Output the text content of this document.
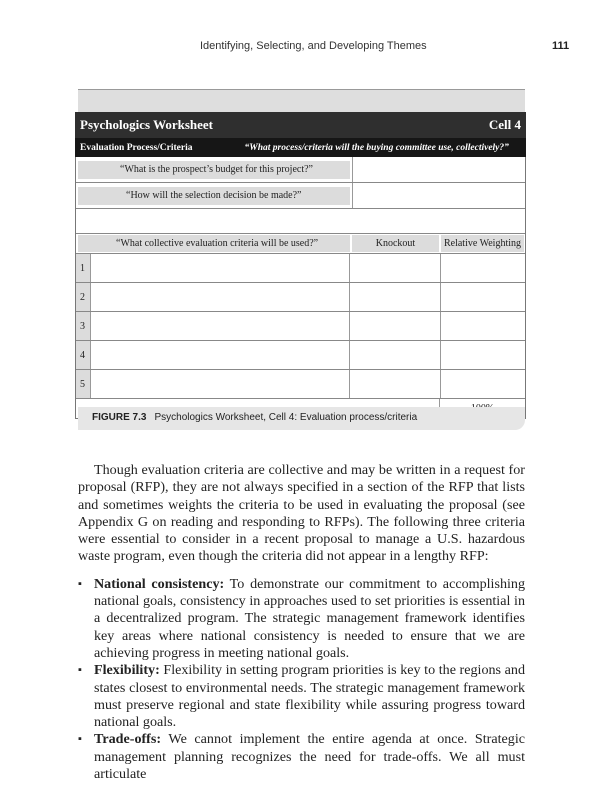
Identifying, Selecting, and Developing Themes	111
Psychologics Worksheet	Cell 4
Evaluation Process/Criteria	“What process/criteria will the buying committee use, collectively?”
“What is the prospect’s budget for this project?”
“How will the selection decision be made?”
“What collective evaluation criteria will be used?”	Knockout	Relative Weighting
1
2
3
4
5
FIGURE 7.3 Psychologics Worksheet, Cell 4: Evaluation process/criteria

Though evaluation criteria are collective and may be written in a request for proposal (RFP), they are not always specified in a section of the RFP that lists and sometimes weights the criteria to be used in evaluating the proposal (see Appendix G on reading and responding to RFPs). The following three criteria were essential to consider in a recent proposal to manage a U.S. hazardous waste program, even though the criteria did not appear in a lengthy RFP:

▪ National consistency: To demonstrate our commitment to accomplishing national goals, consistency in approaches used to set priorities is essential in a decentralized program. The strategic management framework identifies key areas where national consistency is needed to ensure that we are achieving progress in meeting national goals.
▪ Flexibility: Flexibility in setting program priorities is key to the regions and states closest to environmental needs. The strategic management framework must preserve regional and state flexibility while assuring progress toward national goals.
▪ Trade-offs: We cannot implement the entire agenda at once. Strategic management planning recognizes the need for trade-offs. We all must articulate
